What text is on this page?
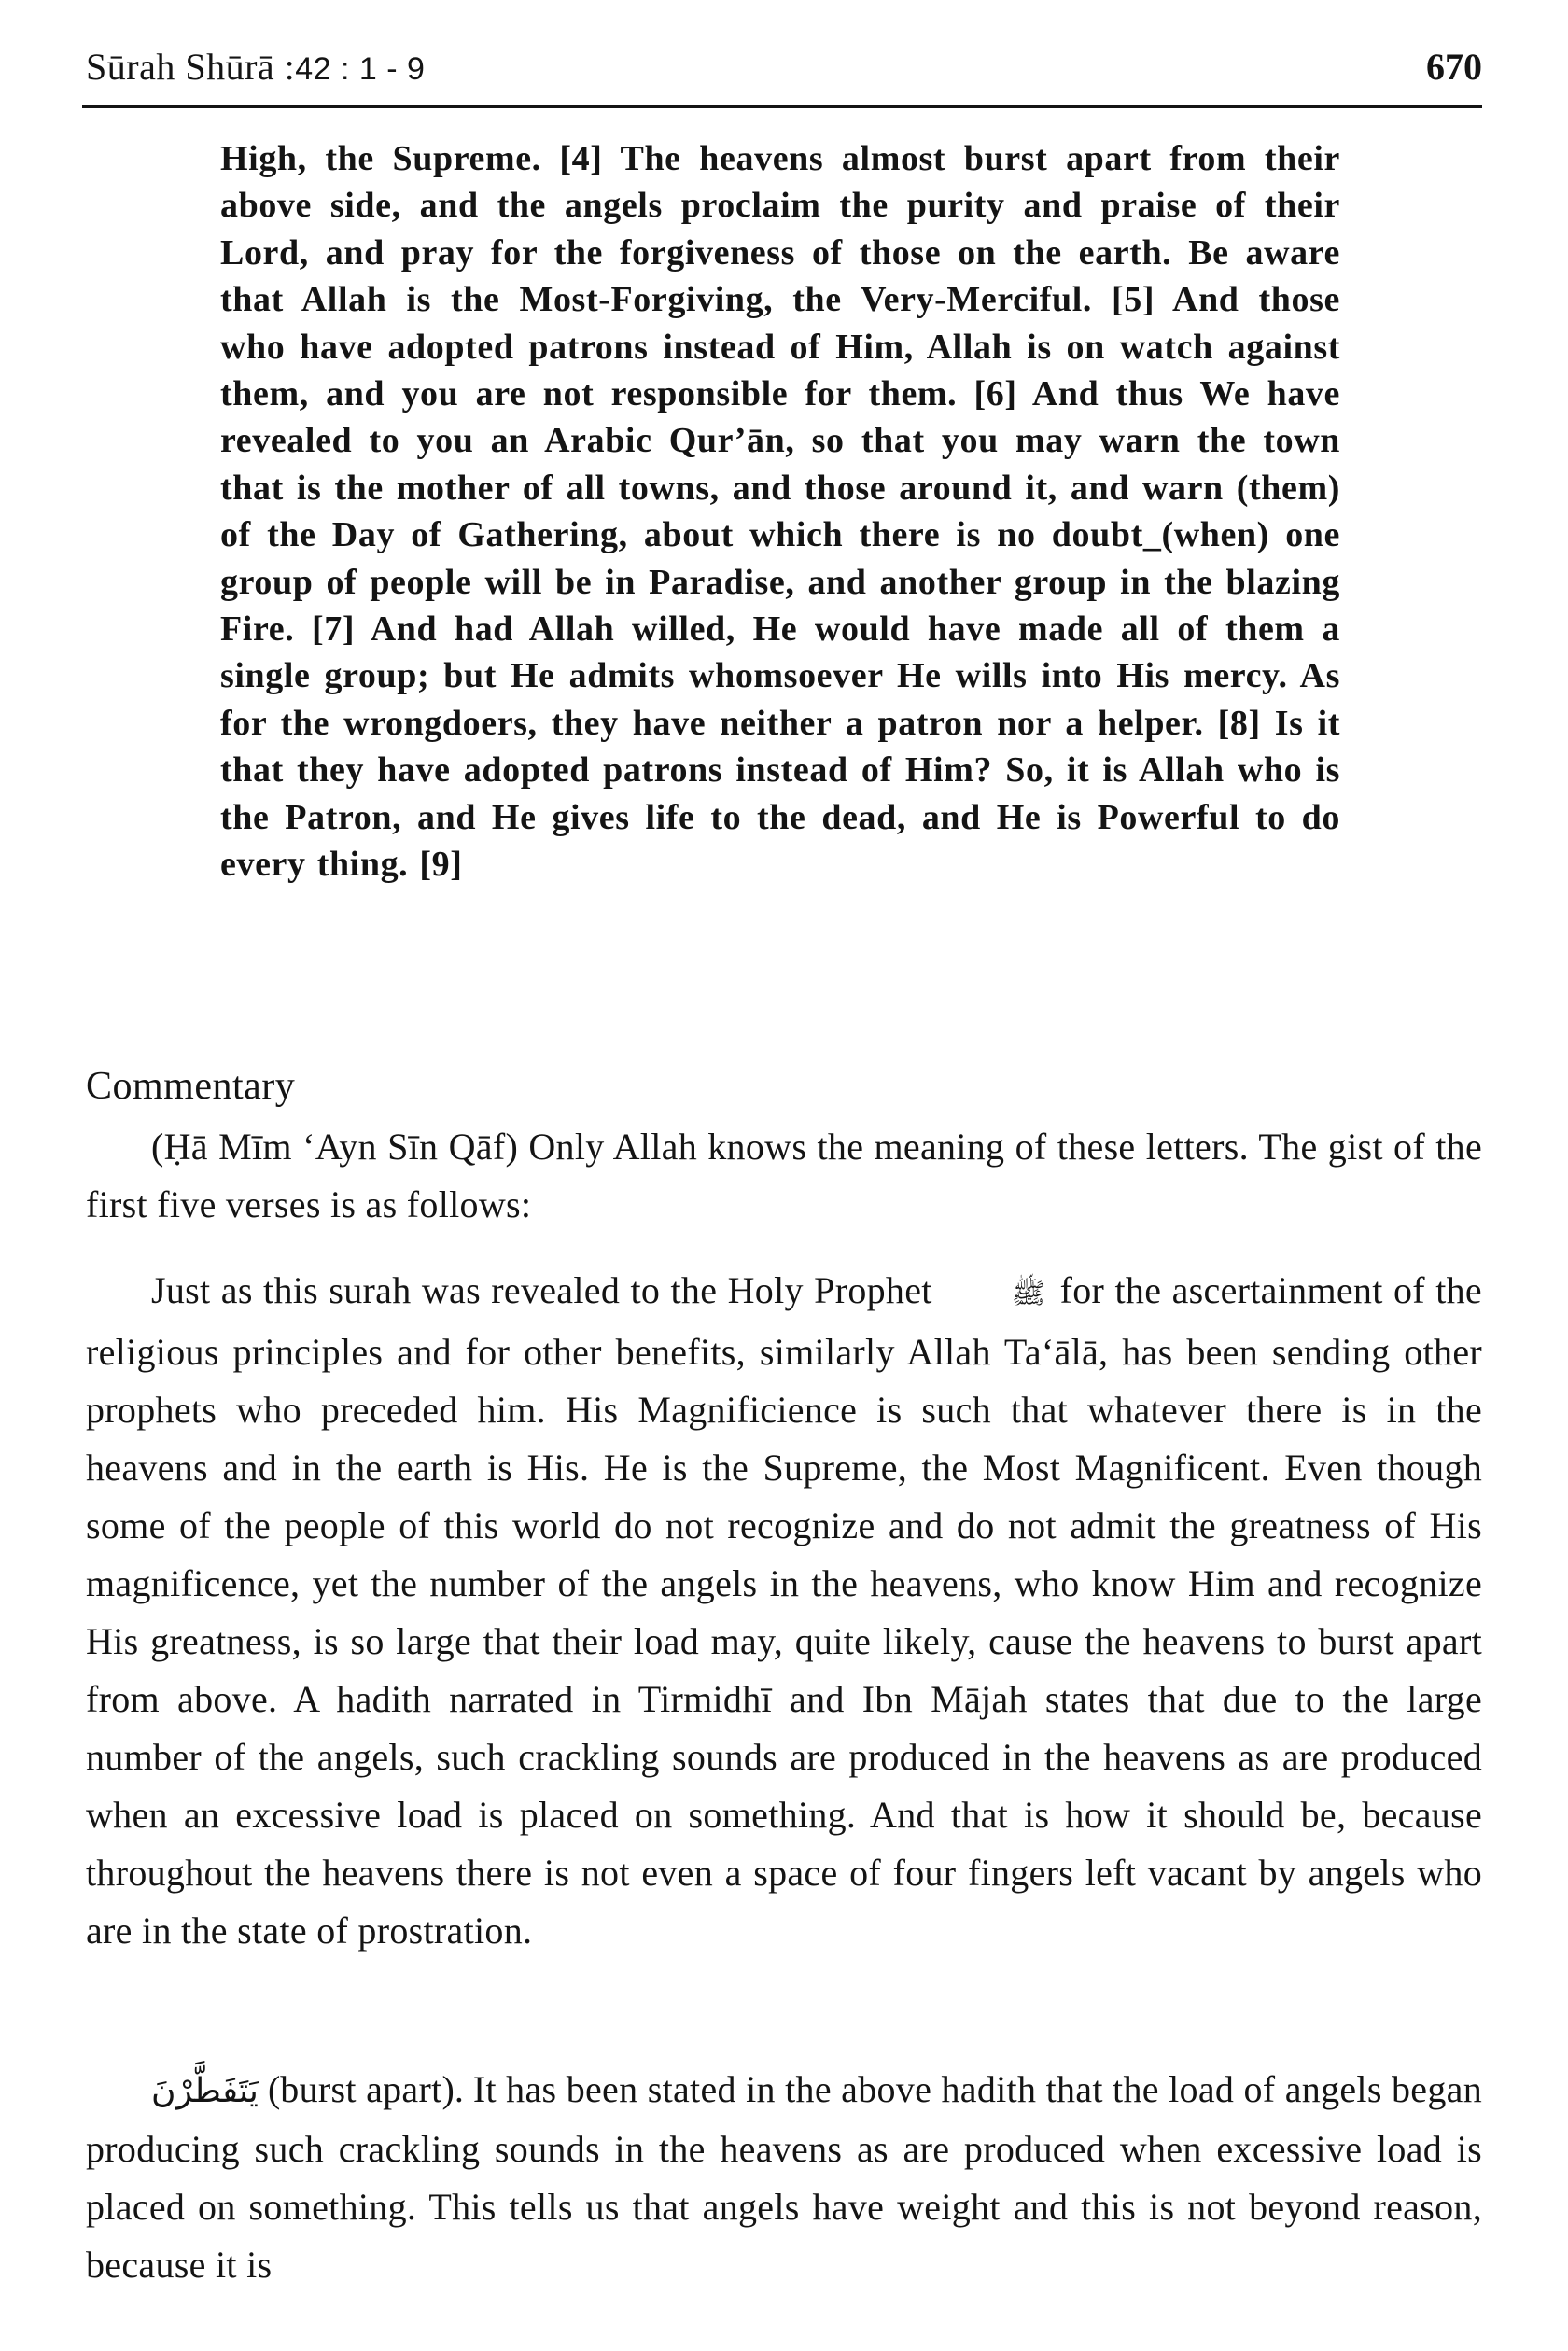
Sūrah Shūrā :42 : 1 - 9	670
High, the Supreme. [4] The heavens almost burst apart from their above side, and the angels proclaim the purity and praise of their Lord, and pray for the forgiveness of those on the earth. Be aware that Allah is the Most-Forgiving, the Very-Merciful. [5] And those who have adopted patrons instead of Him, Allah is on watch against them, and you are not responsible for them. [6] And thus We have revealed to you an Arabic Qur’ān, so that you may warn the town that is the mother of all towns, and those around it, and warn (them) of the Day of Gathering, about which there is no doubt_(when) one group of people will be in Paradise, and another group in the blazing Fire. [7] And had Allah willed, He would have made all of them a single group; but He admits whomsoever He wills into His mercy. As for the wrongdoers, they have neither a patron nor a helper. [8] Is it that they have adopted patrons instead of Him? So, it is Allah who is the Patron, and He gives life to the dead, and He is Powerful to do every thing. [9]
Commentary
(Ḥā Mīm ‘Ayn Sīn Qāf) Only Allah knows the meaning of these letters. The gist of the first five verses is as follows:
Just as this surah was revealed to the Holy Prophet	ﷺ for the ascertainment of the religious principles and for other benefits, similarly Allah Ta‘ālā, has been sending other prophets who preceded him. His Magnificience is such that whatever there is in the heavens and in the earth is His. He is the Supreme, the Most Magnificent. Even though some of the people of this world do not recognize and do not admit the greatness of His magnificence, yet the number of the angels in the heavens, who know Him and recognize His greatness, is so large that their load may, quite likely, cause the heavens to burst apart from above. A hadith narrated in Tirmidhī and Ibn Mājah states that due to the large number of the angels, such crackling sounds are produced in the heavens as are produced when an excessive load is placed on something. And that is how it should be, because throughout the heavens there is not even a space of four fingers left vacant by angels who are in the state of prostration.
يَتَفَطَّرْنَ (burst apart). It has been stated in the above hadith that the load of angels began producing such crackling sounds in the heavens as are produced when excessive load is placed on something. This tells us that angels have weight and this is not beyond reason, because it is
